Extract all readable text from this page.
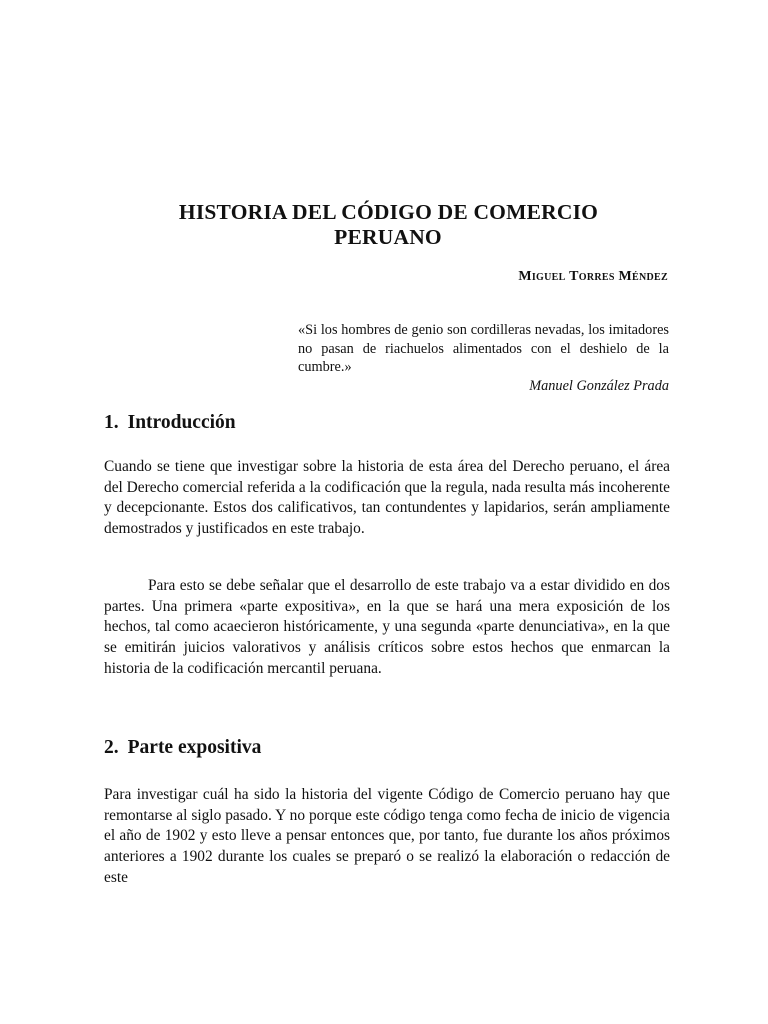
HISTORIA DEL CÓDIGO DE COMERCIO
PERUANO
Miguel Torres Méndez
«Si los hombres de genio son cordilleras nevadas, los imitadores no pasan de riachuelos alimentados con el deshielo de la cumbre.»
Manuel González Prada
1. Introducción

Cuando se tiene que investigar sobre la historia de esta área del Derecho peruano, el área del Derecho comercial referida a la codificación que la regula, nada resulta más incoherente y decepcionante. Estos dos calificativos, tan contundentes y lapidarios, serán ampliamente demostrados y justificados en este trabajo.

Para esto se debe señalar que el desarrollo de este trabajo va a estar dividido en dos partes. Una primera «parte expositiva», en la que se hará una mera exposición de los hechos, tal como acaecieron históricamente, y una segunda «parte denunciativa», en la que se emitirán juicios valorativos y análisis críticos sobre estos hechos que enmarcan la historia de la codificación mercantil peruana.

2. Parte expositiva

Para investigar cuál ha sido la historia del vigente Código de Comercio peruano hay que remontarse al siglo pasado. Y no porque este código tenga como fecha de inicio de vigencia el año de 1902 y esto lleve a pensar entonces que, por tanto, fue durante los años próximos anteriores a 1902 durante los cuales se preparó o se realizó la elaboración o redacción de este
